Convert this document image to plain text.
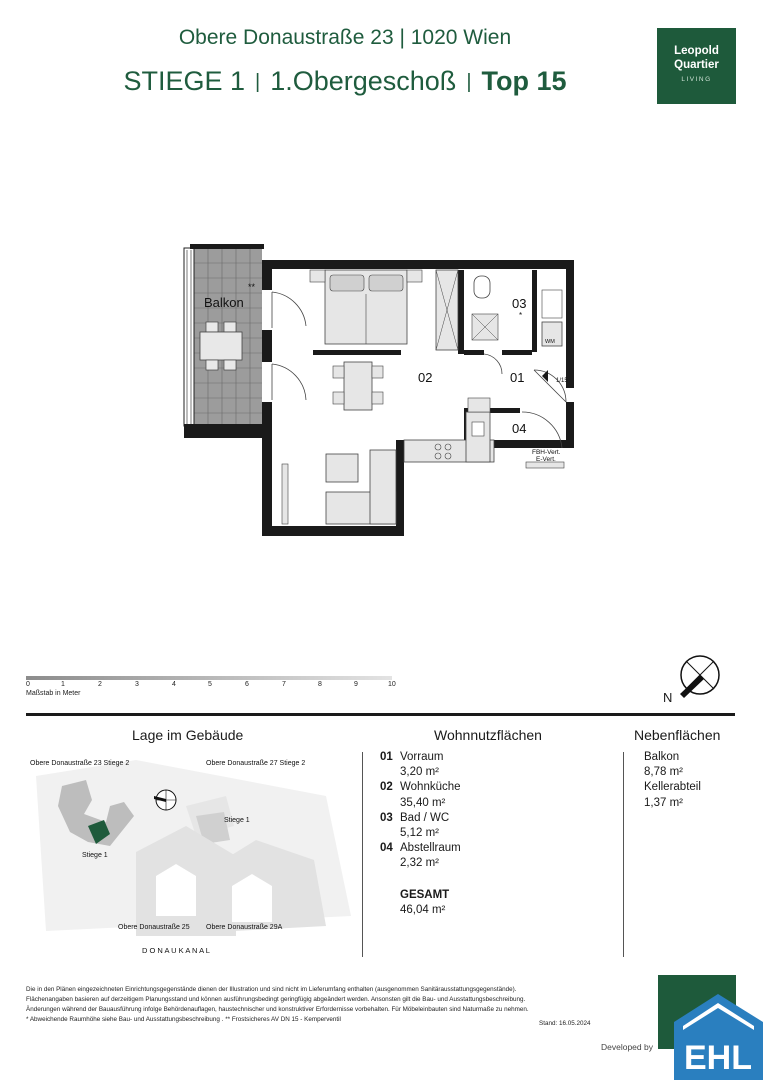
Obere Donaustraße 23 | 1020 Wien
STIEGE 1 | 1.Obergeschoß | Top 15
Leopold
Quartier
LIVING
Balkon
**
02	01
03
*
04
1/15
WM
FBH-Vert.
E-Vert.
0	1	2	3	4	5	6	7	8	9	10
Maßstab in Meter	N
Lage im Gebäude	Wohnnutzflächen	Nebenflächen
Obere Donaustraße 23 Stiege 2	Obere Donaustraße 27 Stiege 2
Stiege 1
Stiege 1
Obere Donaustraße 25 Obere Donaustraße 29A
D O N A U K A N A L
01 Vorraum
3,20 m²
02 Wohnküche
35,40 m²
03 Bad / WC
5,12 m²
04 Abstellraum
2,32 m²
GESAMT
46,04 m²
Balkon
8,78 m²
Kellerabteil
1,37 m²
Die in den Plänen eingezeichneten Einrichtungsgegenstände dienen der Illustration und sind nicht im Lieferumfang enthalten (ausgenommen Sanitärausstattungsgegenstände).
Flächenangaben basieren auf derzeitigem Planungsstand und können ausführungsbedingt geringfügig abgeändert werden. Ansonsten gilt die Bau- und Ausstattungsbeschreibung.
Änderungen während der Bauausführung infolge Behördenauflagen, haustechnischer und konstruktiver Erfordernisse vorbehalten. Für Möbeleinbauten sind Naturmaße zu nehmen.
* Abweichende Raumhöhe siehe Bau- und Ausstattungsbeschreibung . ** Frostsicheres AV DN 15 - Kemperventil
Stand: 16.05.2024
Developed by EHL
